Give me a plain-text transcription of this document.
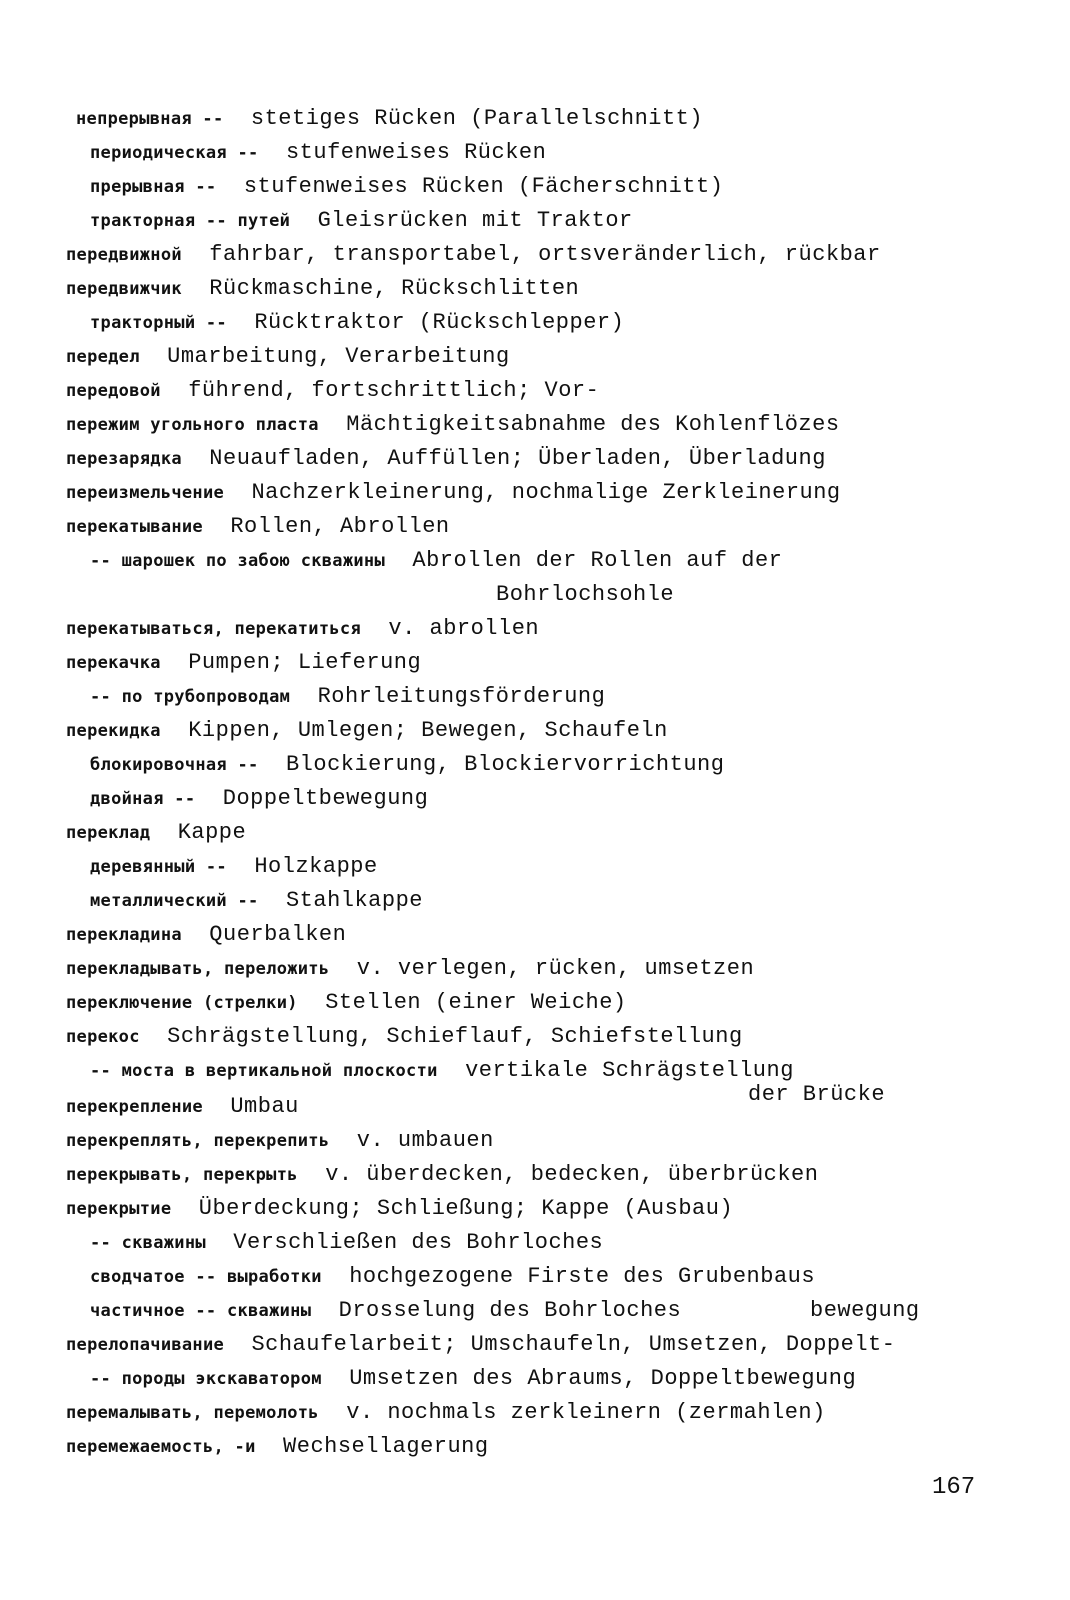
непрерывная -- stetiges Rücken (Parallelschnitt)
периодическая -- stufenweises Rücken
прерывная -- stufenweises Rücken (Fächerschnitt)
тракторная -- путей Gleisrücken mit Traktor
передвижной fahrbar, transportabel, ortsveränderlich, rückbar
передвижчик Rückmaschine, Rückschlitten
тракторный -- Rücktraktor (Rückschlepper)
передел Umarbeitung, Verarbeitung
передовой führend, fortschrittlich; Vor-
пережим угольного пласта Mächtigkeitsabnahme des Kohlenflözes
перезарядка Neuaufladen, Auffüllen; Überladen, Überladung
переизмельчение Nachzerkleinerung, nochmalige Zerkleinerung
перекатывание Rollen, Abrollen
-- шарошек по забою скважины Abrollen der Rollen auf der
Bohrlochsohle
перекатываться, перекатиться v. abrollen
перекачка Pumpen; Lieferung
-- по трубопроводам Rohrleitungsförderung
перекидка Kippen, Umlegen; Bewegen, Schaufeln
блокировочная -- Blockierung, Blockiervorrichtung
двойная -- Doppeltbewegung
переклад Kappe
деревянный -- Holzkappe
металлический -- Stahlkappe
перекладина Querbalken
перекладывать, переложить v. verlegen, rücken, umsetzen
переключение (стрелки) Stellen (einer Weiche)
перекос Schrägstellung, Schieflauf, Schiefstellung
-- моста в вертикальной плоскости vertikale Schrägstellung
der Brücke
перекрепление Umbau
перекреплять, перекрепить v. umbauen
перекрывать, перекрыть v. überdecken, bedecken, überbrücken
перекрытие Überdeckung; Schließung; Kappe (Ausbau)
-- скважины Verschließen des Bohrloches
сводчатое -- выработки hochgezogene Firste des Grubenbaus
частичное -- скважины Drosselung des Bohrloches	bewegung
перелопачивание Schaufelarbeit; Umschaufeln, Umsetzen, Doppelt-
-- породы экскаватором Umsetzen des Abraums, Doppeltbewegung
перемалывать, перемолоть v. nochmals zerkleinern (zermahlen)
перемежаемость, -и Wechsellagerung
167
